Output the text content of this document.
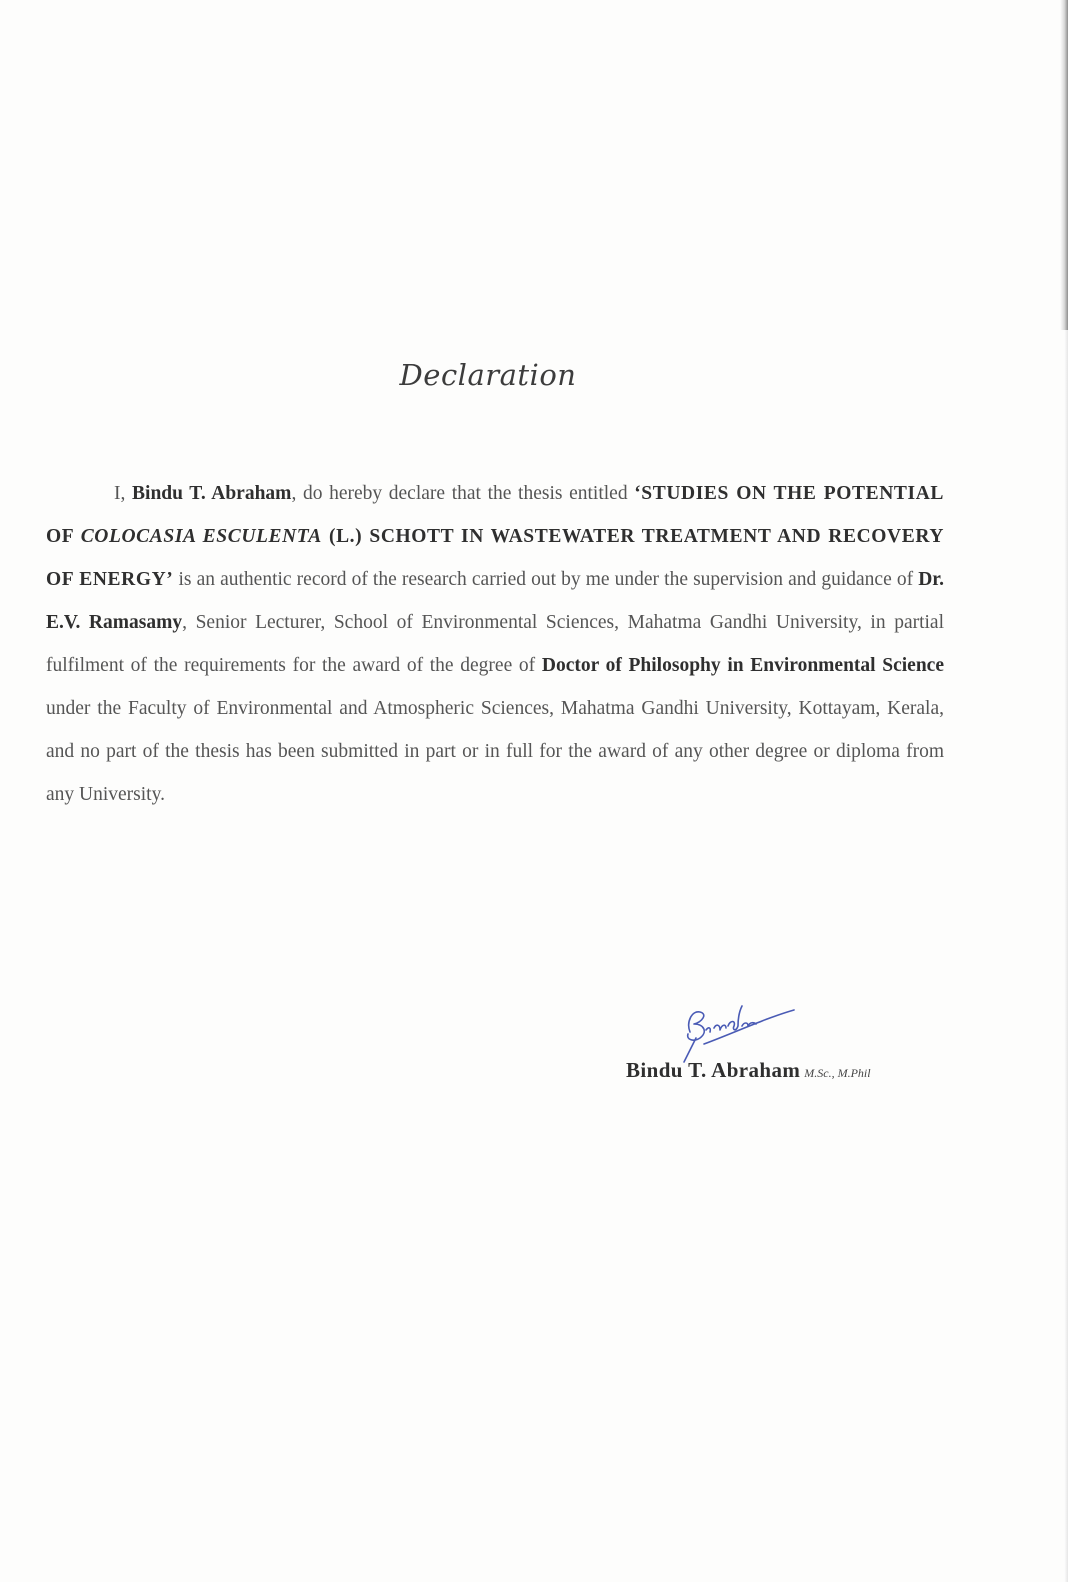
Declaration
I, Bindu T. Abraham, do hereby declare that the thesis entitled ‘STUDIES ON THE POTENTIAL OF COLOCASIA ESCULENTA (L.) SCHOTT IN WASTEWATER TREATMENT AND RECOVERY OF ENERGY’ is an authentic record of the research carried out by me under the supervision and guidance of Dr. E.V. Ramasamy, Senior Lecturer, School of Environmental Sciences, Mahatma Gandhi University, in partial fulfilment of the requirements for the award of the degree of Doctor of Philosophy in Environmental Science under the Faculty of Environmental and Atmospheric Sciences, Mahatma Gandhi University, Kottayam, Kerala, and no part of the thesis has been submitted in part or in full for the award of any other degree or diploma from any University.
Bindu T. Abraham M.Sc., M.Phil
